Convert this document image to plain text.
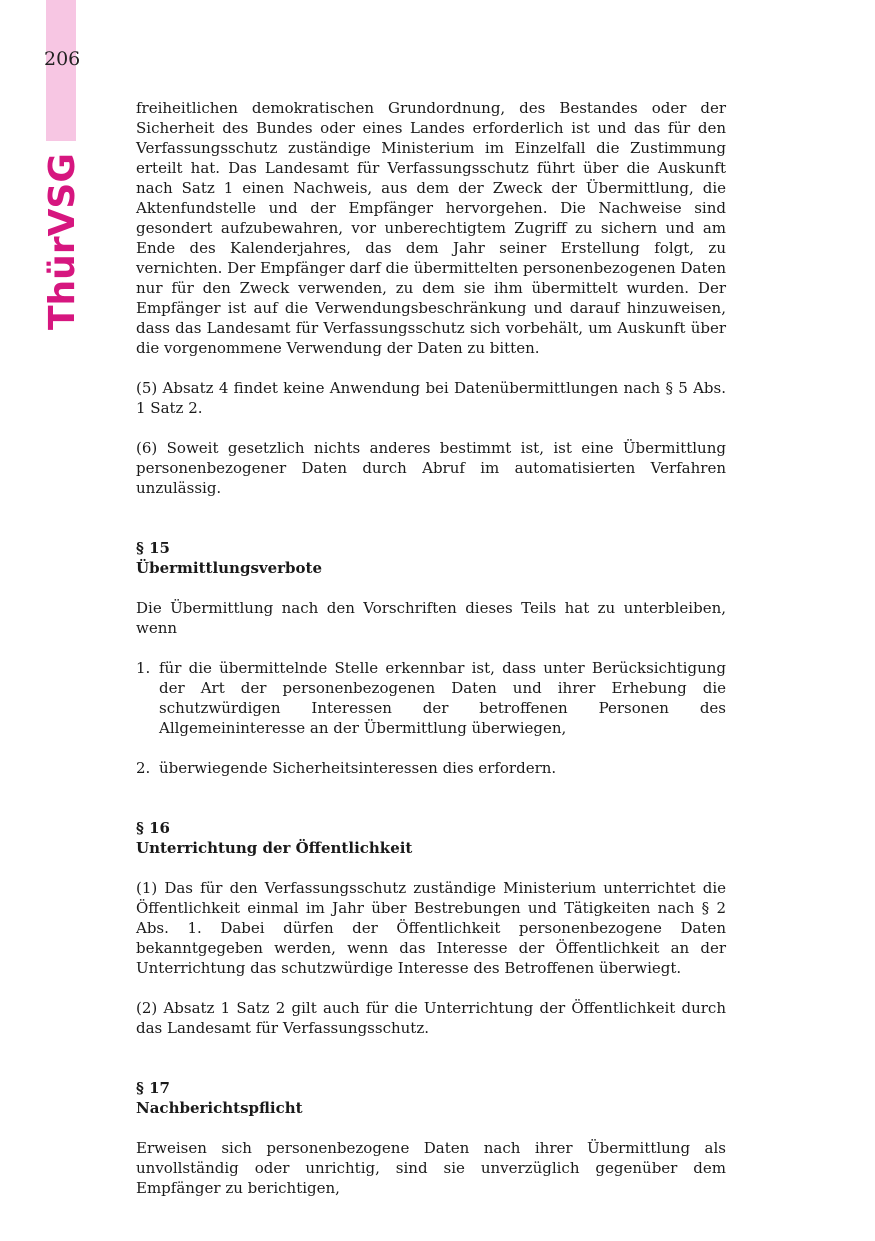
206
ThürVSG

freiheitlichen demokratischen Grundordnung, des Bestandes oder der Sicherheit des Bundes oder eines Landes erforderlich ist und das für den Verfassungsschutz zuständige Ministerium im Einzelfall die Zustimmung erteilt hat. Das Landesamt für Verfassungsschutz führt über die Auskunft nach Satz 1 einen Nachweis, aus dem der Zweck der Übermittlung, die Aktenfundstelle und der Empfänger hervorgehen. Die Nachweise sind gesondert aufzubewahren, vor unberechtigtem Zugriff zu sichern und am Ende des Kalenderjahres, das dem Jahr seiner Erstellung folgt, zu vernichten. Der Empfänger darf die übermittelten personenbezogenen Daten nur für den Zweck verwenden, zu dem sie ihm übermittelt wurden. Der Empfänger ist auf die Verwendungsbeschränkung und darauf hinzuweisen, dass das Landesamt für Verfassungsschutz sich vorbehält, um Auskunft über die vorgenommene Verwendung der Daten zu bitten.

(5) Absatz 4 findet keine Anwendung bei Datenübermittlungen nach § 5 Abs. 1 Satz 2.

(6) Soweit gesetzlich nichts anderes bestimmt ist, ist eine Übermittlung personenbezogener Daten durch Abruf im automatisierten Verfahren unzulässig.

§ 15

Übermittlungsverbote

Die Übermittlung nach den Vorschriften dieses Teils hat zu unterbleiben, wenn

1. für die übermittelnde Stelle erkennbar ist, dass unter Berücksichtigung der Art der personenbezogenen Daten und ihrer Erhebung die schutzwürdigen Interessen der betroffenen Personen des Allgemeininteresse an der Übermittlung überwiegen,
2. überwiegende Sicherheitsinteressen dies erfordern.

§ 16

Unterrichtung der Öffentlichkeit

(1) Das für den Verfassungsschutz zuständige Ministerium unterrichtet die Öffentlichkeit einmal im Jahr über Bestrebungen und Tätigkeiten nach § 2 Abs. 1. Dabei dürfen der Öffentlichkeit personenbezogene Daten bekanntgegeben werden, wenn das Interesse der Öffentlichkeit an der Unterrichtung das schutzwürdige Interesse des Betroffenen überwiegt.

(2) Absatz 1 Satz 2 gilt auch für die Unterrichtung der Öffentlichkeit durch das Landesamt für Verfassungsschutz.

§ 17

Nachberichtspflicht

Erweisen sich personenbezogene Daten nach ihrer Übermittlung als unvollständig oder unrichtig, sind sie unverzüglich gegenüber dem Empfänger zu berichtigen,
